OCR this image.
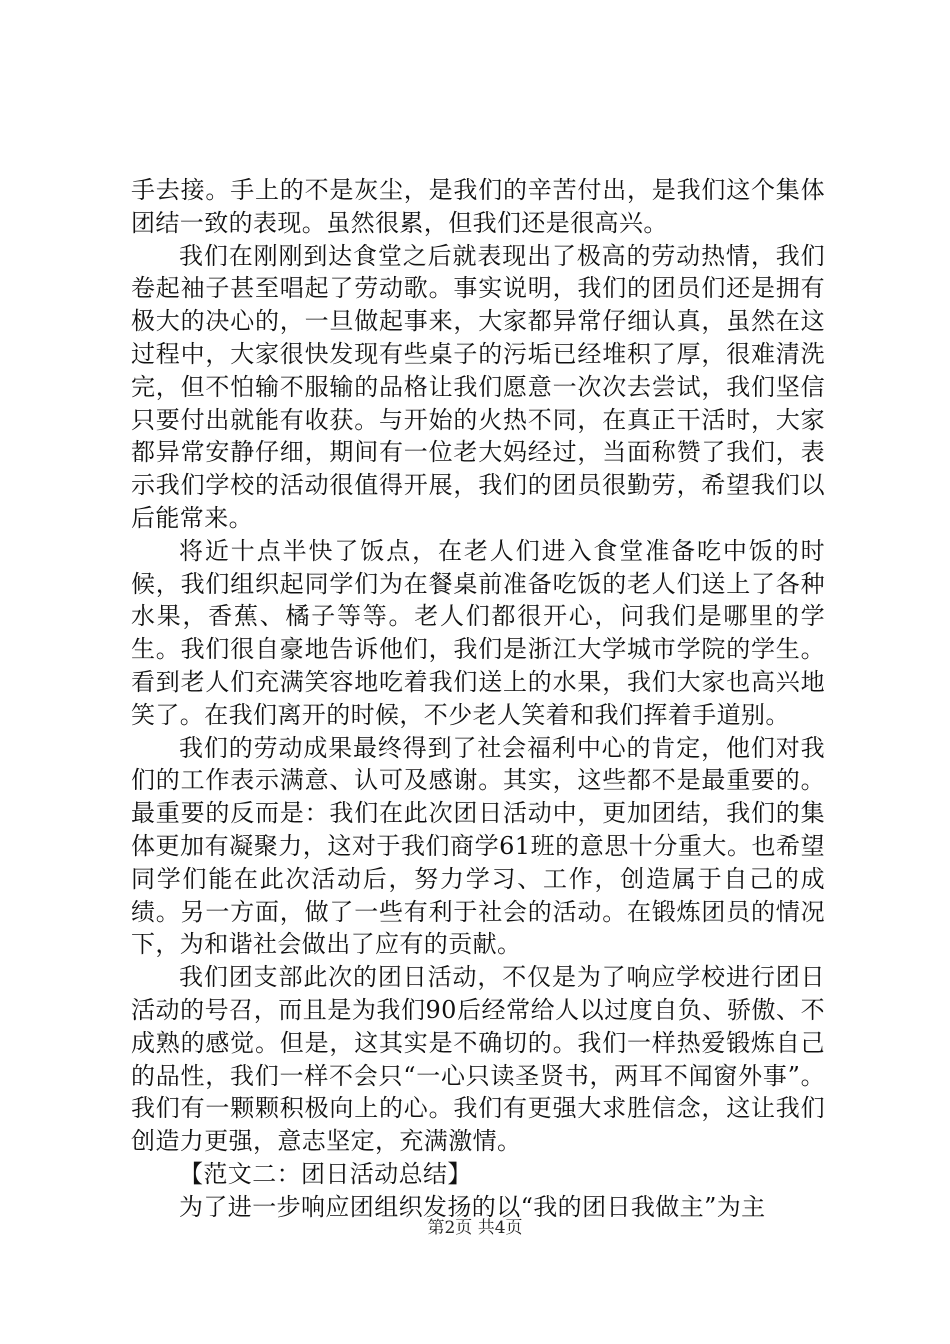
手去接。手上的不是灰尘，是我们的辛苦付出，是我们这个集体团结一致的表现。虽然很累，但我们还是很高兴。

我们在刚刚到达食堂之后就表现出了极高的劳动热情，我们卷起袖子甚至唱起了劳动歌。事实说明，我们的团员们还是拥有极大的决心的，一旦做起事来，大家都异常仔细认真，虽然在这过程中，大家很快发现有些桌子的污垢已经堆积了厚，很难清洗完，但不怕输不服输的品格让我们愿意一次次去尝试，我们坚信只要付出就能有收获。与开始的火热不同，在真正干活时，大家都异常安静仔细，期间有一位老大妈经过，当面称赞了我们，表示我们学校的活动很值得开展，我们的团员很勤劳，希望我们以后能常来。

将近十点半快了饭点，在老人们进入食堂准备吃中饭的时候，我们组织起同学们为在餐桌前准备吃饭的老人们送上了各种水果，香蕉、橘子等等。老人们都很开心，问我们是哪里的学生。我们很自豪地告诉他们，我们是浙江大学城市学院的学生。看到老人们充满笑容地吃着我们送上的水果，我们大家也高兴地笑了。在我们离开的时候，不少老人笑着和我们挥着手道别。

我们的劳动成果最终得到了社会福利中心的肯定，他们对我们的工作表示满意、认可及感谢。其实，这些都不是最重要的。最重要的反而是：我们在此次团日活动中，更加团结，我们的集体更加有凝聚力，这对于我们商学61班的意思十分重大。也希望同学们能在此次活动后，努力学习、工作，创造属于自己的成绩。另一方面，做了一些有利于社会的活动。在锻炼团员的情况下，为和谐社会做出了应有的贡献。

我们团支部此次的团日活动，不仅是为了响应学校进行团日活动的号召，而且是为我们90后经常给人以过度自负、骄傲、不成熟的感觉。但是，这其实是不确切的。我们一样热爱锻炼自己的品性，我们一样不会只“一心只读圣贤书，两耳不闻窗外事”。我们有一颗颗积极向上的心。我们有更强大求胜信念，这让我们创造力更强，意志坚定，充满激情。

【范文二：团日活动总结】

为了进一步响应团组织发扬的以“我的团日我做主”为主

第2页 共4页
